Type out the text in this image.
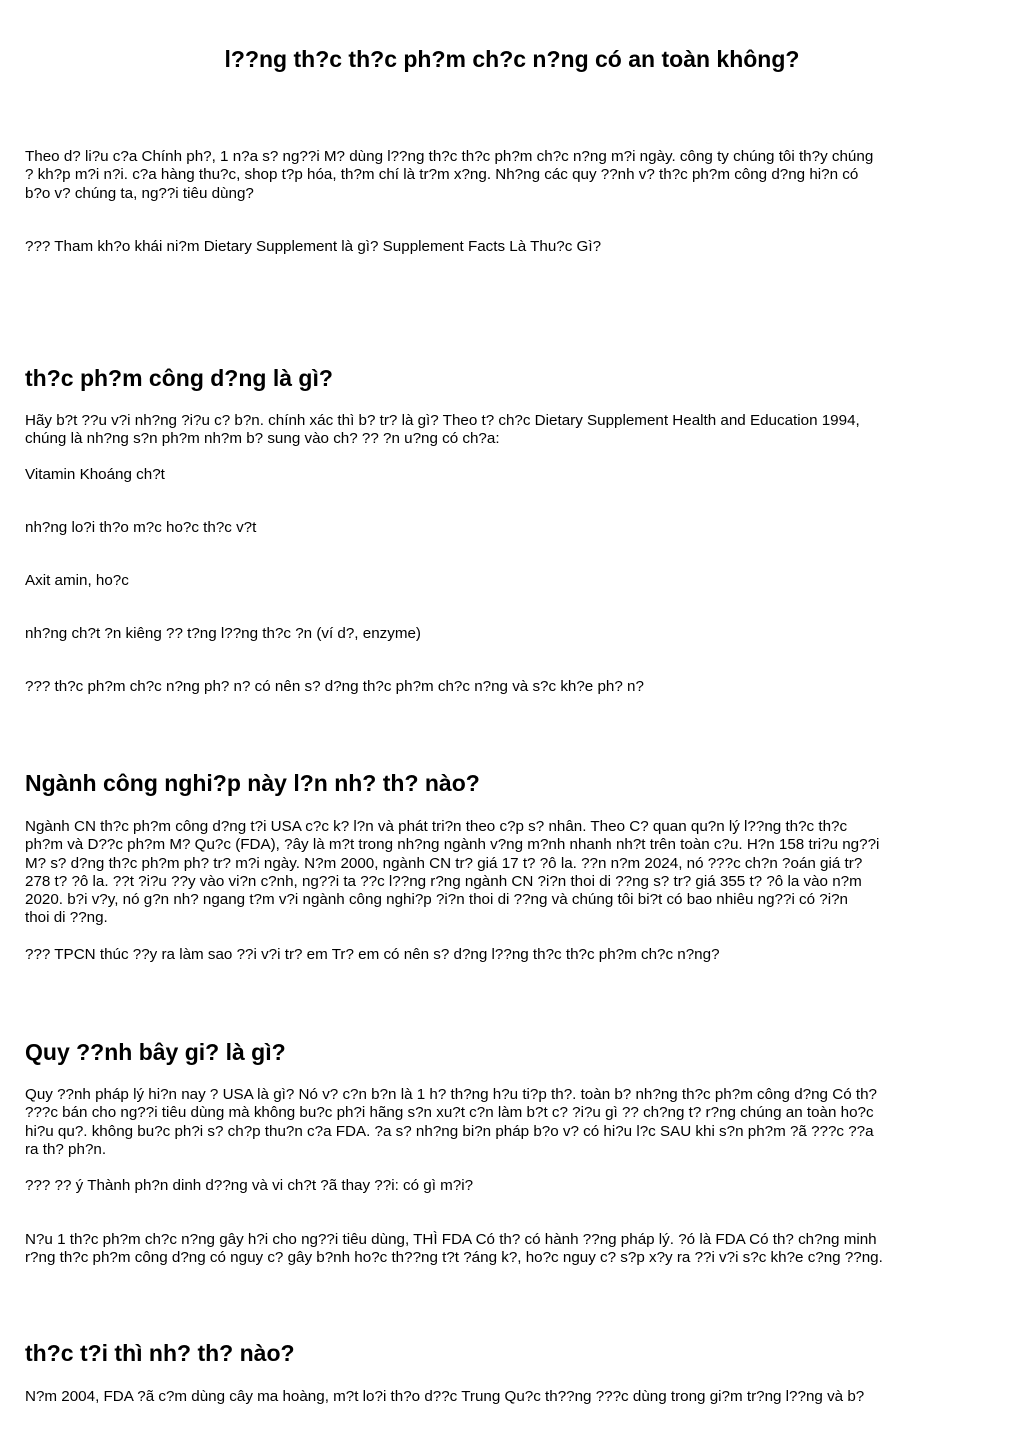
l??ng th?c th?c ph?m ch?c n?ng có an toàn không?

Theo d? li?u c?a Chính ph?, 1 n?a s? ng??i M? dùng l??ng th?c th?c ph?m ch?c n?ng m?i ngày. công ty chúng tôi th?y chúng
? kh?p m?i n?i. c?a hàng thu?c, shop t?p hóa, th?m chí là tr?m x?ng. Nh?ng các quy ??nh v? th?c ph?m công d?ng hi?n có
b?o v? chúng ta, ng??i tiêu dùng?

??? Tham kh?o khái ni?m Dietary Supplement là gì? Supplement Facts Là Thu?c Gì?

th?c ph?m công d?ng là gì?

Hãy b?t ??u v?i nh?ng ?i?u c? b?n. chính xác thì b? tr? là gì? Theo t? ch?c Dietary Supplement Health and Education 1994,
chúng là nh?ng s?n ph?m nh?m b? sung vào ch? ?? ?n u?ng có ch?a:

Vitamin Khoáng ch?t

nh?ng lo?i th?o m?c ho?c th?c v?t

Axit amin, ho?c

nh?ng ch?t ?n kiêng ?? t?ng l??ng th?c ?n (ví d?, enzyme)

??? th?c ph?m ch?c n?ng ph? n? có nên s? d?ng th?c ph?m ch?c n?ng và s?c kh?e ph? n?

Ngành công nghi?p này l?n nh? th? nào?

Ngành CN th?c ph?m công d?ng t?i USA c?c k? l?n và phát tri?n theo c?p s? nhân. Theo C? quan qu?n lý l??ng th?c th?c
ph?m và D??c ph?m M? Qu?c (FDA), ?ây là m?t trong nh?ng ngành v?ng m?nh nhanh nh?t trên toàn c?u. H?n 158 tri?u ng??i
M? s? d?ng th?c ph?m ph? tr? m?i ngày. N?m 2000, ngành CN tr? giá 17 t? ?ô la. ??n n?m 2024, nó ???c ch?n ?oán giá tr?
278 t? ?ô la. ??t ?i?u ??y vào vi?n c?nh, ng??i ta ??c l??ng r?ng ngành CN ?i?n thoi di ??ng s? tr? giá 355 t? ?ô la vào n?m
2020. b?i v?y, nó g?n nh? ngang t?m v?i ngành công nghi?p ?i?n thoi di ??ng và chúng tôi bi?t có bao nhiêu ng??i có ?i?n
thoi di ??ng.

??? TPCN thúc ??y ra làm sao ??i v?i tr? em Tr? em có nên s? d?ng l??ng th?c th?c ph?m ch?c n?ng?

Quy ??nh bây gi? là gì?

Quy ??nh pháp lý hi?n nay ? USA là gì? Nó v? c?n b?n là 1 h? th?ng h?u ti?p th?. toàn b? nh?ng th?c ph?m công d?ng Có th?
???c bán cho ng??i tiêu dùng mà không bu?c ph?i hãng s?n xu?t c?n làm b?t c? ?i?u gì ?? ch?ng t? r?ng chúng an toàn ho?c
hi?u qu?. không bu?c ph?i s? ch?p thu?n c?a FDA. ?a s? nh?ng bi?n pháp b?o v? có hi?u l?c SAU khi s?n ph?m ?ã ???c ??a
ra th? ph?n.

??? ?? ý Thành ph?n dinh d??ng và vi ch?t ?ã thay ??i: có gì m?i?

N?u 1 th?c ph?m ch?c n?ng gây h?i cho ng??i tiêu dùng, THÌ FDA Có th? có hành ??ng pháp lý. ?ó là FDA Có th? ch?ng minh
r?ng th?c ph?m công d?ng có nguy c? gây b?nh ho?c th??ng t?t ?áng k?, ho?c nguy c? s?p x?y ra ??i v?i s?c kh?e c?ng ??ng.

th?c t?i thì nh? th? nào?

N?m 2004, FDA ?ã c?m dùng cây ma hoàng, m?t lo?i th?o d??c Trung Qu?c th??ng ???c dùng trong gi?m tr?ng l??ng và b?
